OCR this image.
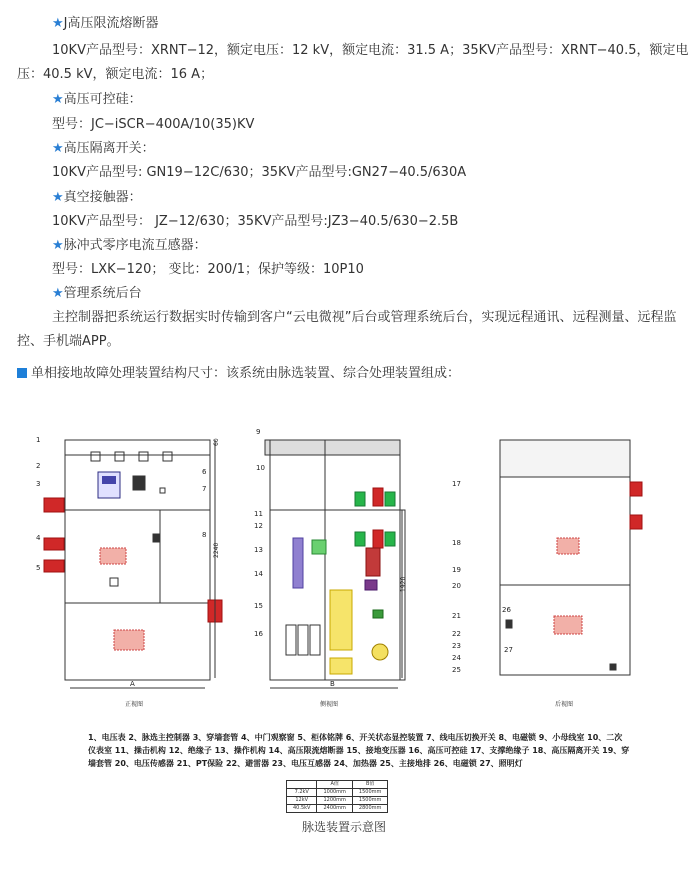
★J高压限流熔断器
10KV产品型号：XRNT−12，额定电压：12 kV，额定电流：31.5 A；35KV产品型号：XRNT−40.5，额定电
压：40.5 kV，额定电流：16 A；
★高压可控硅：
型号：JC−iSCR−400A/10(35)KV
★高压隔离开关：
10KV产品型号: GN19−12C/630；35KV产品型号:GN27−40.5/630A
★真空接触器：
10KV产品型号： JZ−12/630；35KV产品型号:JZ3−40.5/630−2.5B
★脉冲式零序电流互感器：
型号：LXK−120； 变比：200/1；保护等级：10P10
★管理系统后台
主控制器把系统运行数据实时传输到客户“云电微视”后台或管理系统后台，实现远程通讯、远程测量、远程监
控、手机端APP。
单相接地故障处理装置结构尺寸：该系统由脉选装置、综合处理装置组成：
1
2
3
4
5
6
7
8
9
10
11
12
13
14
15
16
17
18
19
20
21
22
23
24
25
26
27
A	B
2240
60
1920
正视图	侧视图	后视图
1、电压表 2、脉选主控制器 3、穿墙套管 4、中门观察窗 5、柜体铭牌 6、开关状态显控装置 7、线电压切换开关 8、电磁锁 9、小母线室 10、二次
仪表室 11、操击机构 12、绝缘子 13、操作机构 14、高压限流熔断器 15、接地变压器 16、高压可控硅 17、支撑绝缘子 18、高压隔离开关 19、穿
墙套管 20、电压传感器 21、PT保险 22、避雷器 23、电压互感器 24、加热器 25、主接地排 26、电磁锁 27、照明灯
	A值	B值
7.2kV	1000mm	1500mm
12kV	1200mm	1500mm
40.5kV	2400mm	2800mm
脉选装置示意图
